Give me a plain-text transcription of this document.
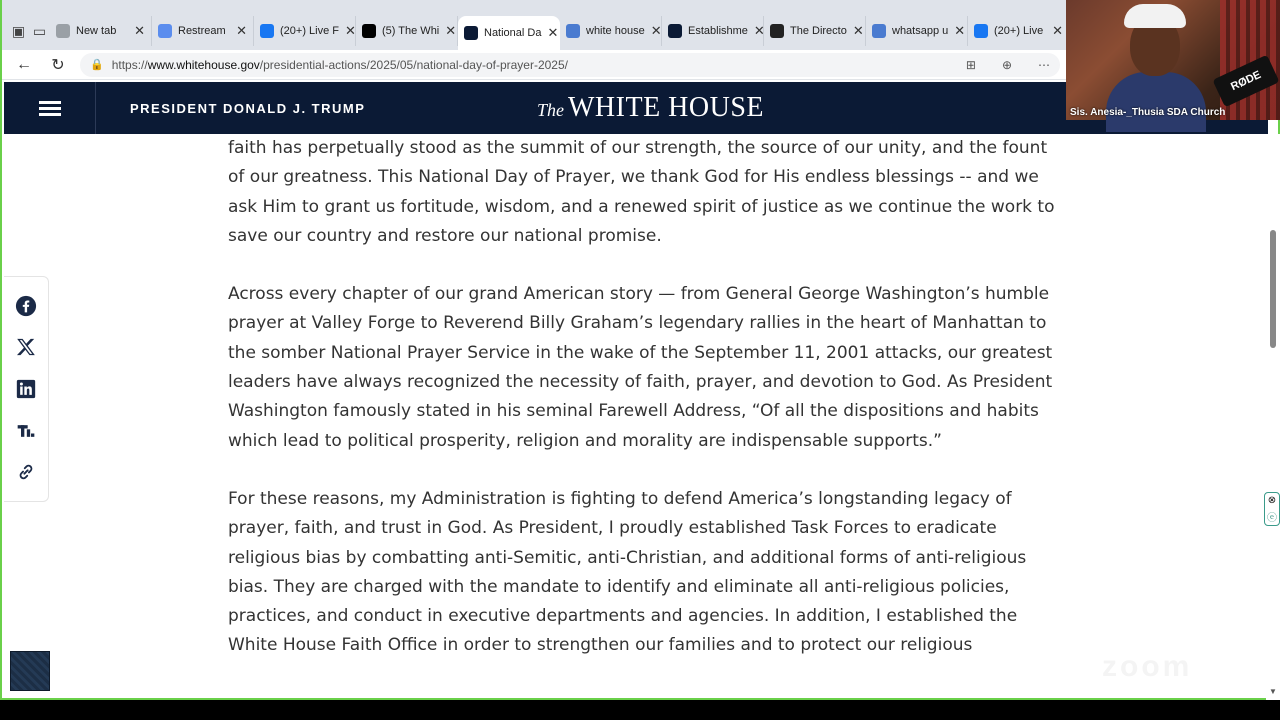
▣ ▭	New tab	✕	Restream ✕	(20+) Live F ✕ (5) The Whi ✕	National Da ✕	white house ✕ Establishme ✕ The Directo ✕	whatsapp u ✕	(20+) Live ✕
←	↻	🔒 https://www.whitehouse.gov/presidential-actions/2025/05/national-day-of-prayer-2025/	⊞ ⊕ ⋯
PRESIDENT DONALD J. TRUMP	The WHITE HOUSE

faith has perpetually stood as the summit of our strength, the source of our unity, and the fount of our greatness. This National Day of Prayer, we thank God for His endless blessings -- and we ask Him to grant us fortitude, wisdom, and a renewed spirit of justice as we continue the work to save our country and restore our national promise.

Across every chapter of our grand American story — from General George Washington’s humble prayer at Valley Forge to Reverend Billy Graham’s legendary rallies in the heart of Manhattan to the somber National Prayer Service in the wake of the September 11, 2001 attacks, our greatest leaders have always recognized the necessity of faith, prayer, and devotion to God. As President Washington famously stated in his seminal Farewell Address, “Of all the dispositions and habits which lead to political prosperity, religion and morality are indispensable supports.”

For these reasons, my Administration is fighting to defend America’s longstanding legacy of prayer, faith, and trust in God. As President, I proudly established Task Forces to eradicate religious bias by combatting anti-Semitic, anti-Christian, and additional forms of anti-religious bias. They are charged with the mandate to identify and eliminate all anti-religious policies, practices, and conduct in executive departments and agencies. In addition, I established the White House Faith Office in order to strengthen our families and to protect our religious

▼
⊗
ⓔ
zoom
RØDE
Sis. Anesia-_Thusia SDA Church
